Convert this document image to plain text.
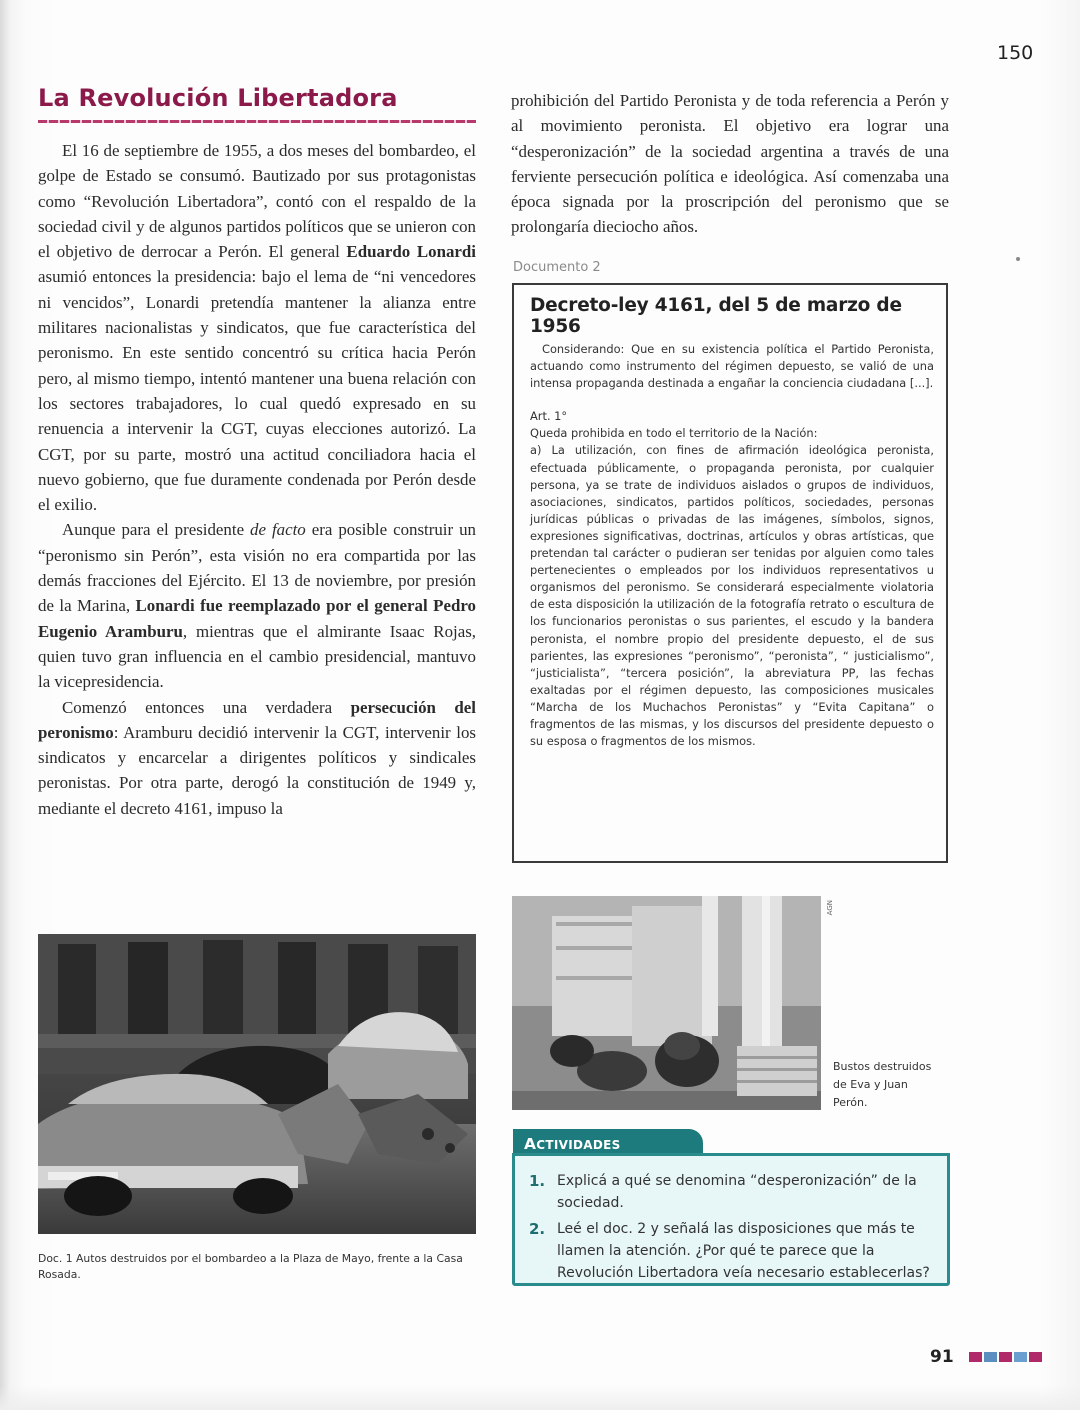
150
La Revolución Libertadora

El 16 de septiembre de 1955, a dos meses del bombardeo, el golpe de Estado se consumó. Bautizado por sus protagonistas como “Revolución Libertadora”, contó con el respaldo de la sociedad civil y de algunos partidos políticos que se unieron con el objetivo de derrocar a Perón. El general Eduardo Lonardi asumió entonces la presidencia: bajo el lema de “ni vencedores ni vencidos”, Lonardi pretendía mantener la alianza entre militares nacionalistas y sindicatos, que fue característica del peronismo. En este sentido concentró su crítica hacia Perón pero, al mismo tiempo, intentó mantener una buena relación con los sectores trabajadores, lo cual quedó expresado en su renuencia a intervenir la CGT, cuyas elecciones autorizó. La CGT, por su parte, mostró una actitud conciliadora hacia el nuevo gobierno, que fue duramente condenada por Perón desde el exilio.

Aunque para el presidente de facto era posible construir un “peronismo sin Perón”, esta visión no era compartida por las demás fracciones del Ejército. El 13 de noviembre, por presión de la Marina, Lonardi fue reemplazado por el general Pedro Eugenio Aramburu, mientras que el almirante Isaac Rojas, quien tuvo gran influencia en el cambio presidencial, mantuvo la vicepresidencia.

Comenzó entonces una verdadera persecución del peronismo: Aramburu decidió intervenir la CGT, intervenir los sindicatos y encarcelar a dirigentes políticos y sindicales peronistas. Por otra parte, derogó la constitución de 1949 y, mediante el decreto 4161, impuso la

prohibición del Partido Peronista y de toda referencia a Perón y al movimiento peronista. El objetivo era lograr una “desperonización” de la sociedad argentina a través de una ferviente persecución política e ideológica. Así comenzaba una época signada por la proscripción del peronismo que se prolongaría dieciocho años.

Documento 2
Decreto-ley 4161, del 5 de marzo de 1956

Considerando: Que en su existencia política el Partido Peronista, actuando como instrumento del régimen depuesto, se valió de una intensa propaganda destinada a engañar la conciencia ciudadana [...].

Art. 1°

Queda prohibida en todo el territorio de la Nación:

a) La utilización, con fines de afirmación ideológica peronista, efectuada públicamente, o propaganda peronista, por cualquier persona, ya se trate de individuos aislados o grupos de individuos, asociaciones, sindicatos, partidos políticos, sociedades, personas jurídicas públicas o privadas de las imágenes, símbolos, signos, expresiones significativas, doctrinas, artículos y obras artísticas, que pretendan tal carácter o pudieran ser tenidas por alguien como tales pertenecientes o empleados por los individuos representativos u organismos del peronismo. Se considerará especialmente violatoria de esta disposición la utilización de la fotografía retrato o escultura de los funcionarios peronistas o sus parientes, el escudo y la bandera peronista, el nombre propio del presidente depuesto, el de sus parientes, las expresiones “peronismo”, “peronista”, “ justicialismo”, “justicialista”, “tercera posición”, la abreviatura PP, las fechas exaltadas por el régimen depuesto, las composiciones musicales “Marcha de los Muchachos Peronistas” y “Evita Capitana” o fragmentos de las mismas, y los discursos del presidente depuesto o su esposa o fragmentos de los mismos.

Doc. 1 Autos destruidos por el bombardeo a la Plaza de Mayo, frente a la Casa Rosada.
AGN
Bustos destruidos de Eva y Juan Perón.
ACTIVIDADES
1. Explicá a qué se denomina “desperonización” de la sociedad.
2. Leé el doc. 2 y señalá las disposiciones que más te llamen la atención. ¿Por qué te parece que la Revolución Libertadora veía necesario establecerlas?
91
